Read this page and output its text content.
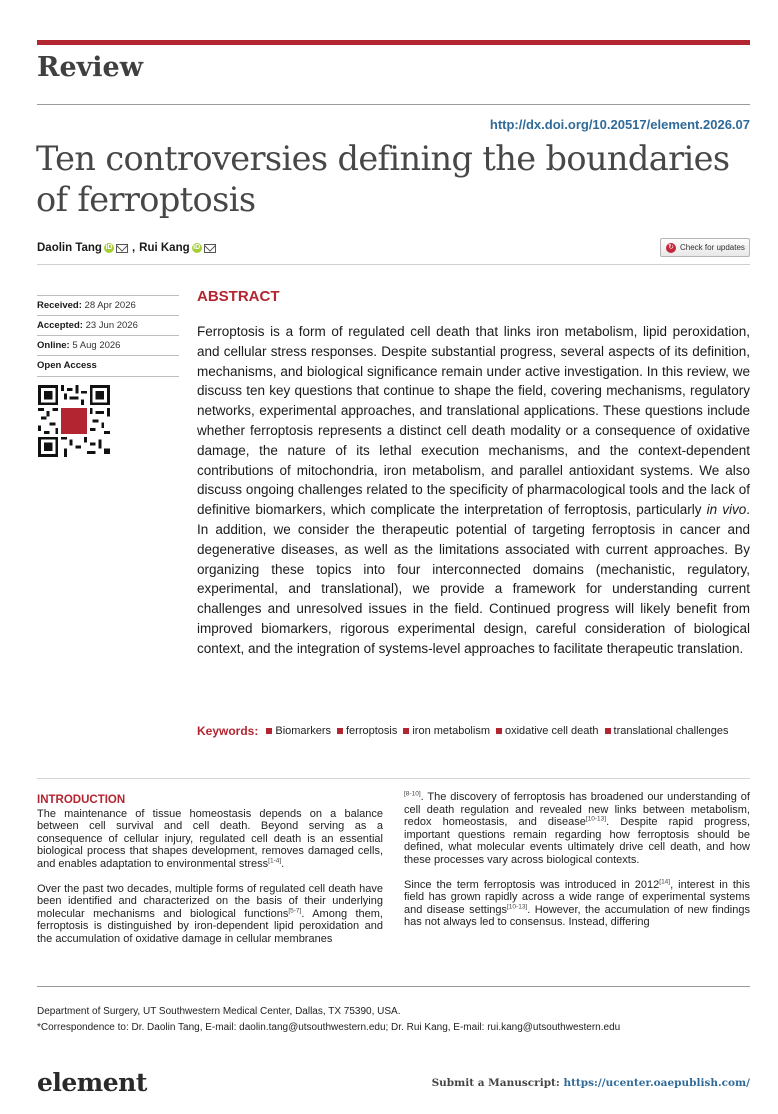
Review
http://dx.doi.org/10.20517/element.2026.07
Ten controversies defining the boundaries of ferroptosis
Daolin Tang iD , Rui Kang iD	↻ Check for updates
Received: 28 Apr 2026
Accepted: 23 Jun 2026
Online: 5 Aug 2026
Open Access
ABSTRACT
Ferroptosis is a form of regulated cell death that links iron metabolism, lipid peroxidation, and cellular stress responses. Despite substantial progress, several aspects of its definition, mechanisms, and biological significance remain under active investigation. In this review, we discuss ten key questions that continue to shape the field, covering mechanisms, regulatory networks, experimental approaches, and translational applications. These questions include whether ferroptosis represents a distinct cell death modality or a consequence of oxidative damage, the nature of its lethal execution mechanisms, and the context-dependent contributions of mitochondria, iron metabolism, and parallel antioxidant systems. We also discuss ongoing challenges related to the specificity of pharmacological tools and the lack of definitive biomarkers, which complicate the interpretation of ferroptosis, particularly in vivo. In addition, we consider the therapeutic potential of targeting ferroptosis in cancer and degenerative diseases, as well as the limitations associated with current approaches. By organizing these topics into four interconnected domains (mechanistic, regulatory, experimental, and translational), we provide a framework for understanding current challenges and unresolved issues in the field. Continued progress will likely benefit from improved biomarkers, rigorous experimental design, careful consideration of biological context, and the integration of systems-level approaches to facilitate therapeutic translation.
Keywords:	Biomarkers	ferroptosis	iron metabolism	oxidative cell death	translational challenges
INTRODUCTION

The maintenance of tissue homeostasis depends on a balance between cell survival and cell death. Beyond serving as a consequence of cellular injury, regulated cell death is an essential biological process that shapes development, removes damaged cells, and enables adaptation to environmental stress[1-4].

Over the past two decades, multiple forms of regulated cell death have been identified and characterized on the basis of their underlying molecular mechanisms and biological functions[5-7]. Among them, ferroptosis is distinguished by iron-dependent lipid peroxidation and the accumulation of oxidative damage in cellular membranes

[8-10]. The discovery of ferroptosis has broadened our understanding of cell death regulation and revealed new links between metabolism, redox homeostasis, and disease[10-13]. Despite rapid progress, important questions remain regarding how ferroptosis should be defined, what molecular events ultimately drive cell death, and how these processes vary across biological contexts.

Since the term ferroptosis was introduced in 2012[14], interest in this field has grown rapidly across a wide range of experimental systems and disease settings[10-13]. However, the accumulation of new findings has not always led to consensus. Instead, differing

Department of Surgery, UT Southwestern Medical Center, Dallas, TX 75390, USA.
*Correspondence to: Dr. Daolin Tang, E-mail: daolin.tang@utsouthwestern.edu; Dr. Rui Kang, E-mail: rui.kang@utsouthwestern.edu
element	Submit a Manuscript: https://ucenter.oaepublish.com/
